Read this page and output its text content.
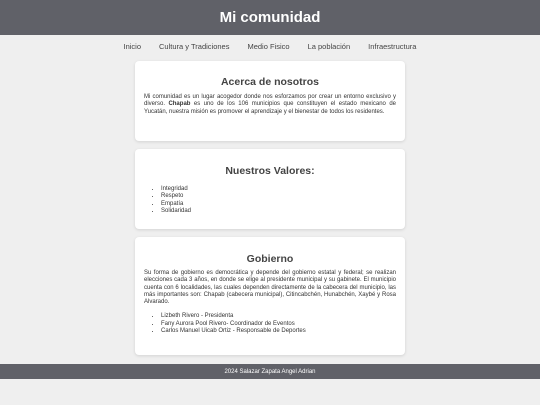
Mi comunidad
Inicio Cultura y Tradiciones Medio Fisico La población Infraestructura
Acerca de nosotros

Mi comunidad es un lugar acogedor donde nos esforzamos por crear un entorno exclusivo y diverso. Chapab es uno de los 106 municipios que constituyen el estado mexicano de Yucatán, nuestra misión es promover el aprendizaje y el bienestar de todos los residentes.

Nuestros Valores:
• Integridad
• Respeto
• Empatía
• Solidaridad
Gobierno

Su forma de gobierno es democrática y depende del gobierno estatal y federal; se realizan elecciones cada 3 años, en donde se elige al presidente municipal y su gabinete. El municipio cuenta con 6 localidades, las cuales dependen directamente de la cabecera del municipio, las más importantes son: Chapab (cabecera municipal), Citincabchén, Hunabchén, Xaybé y Rosa Alvarado.

• Lizbeth Rivero - Presidenta
• Fany Aurora Pool Rivero- Coordinador de Eventos
• Carlos Manuel Uicab Ortiz - Responsable de Deportes
2024 Salazar Zapata Angel Adrian
